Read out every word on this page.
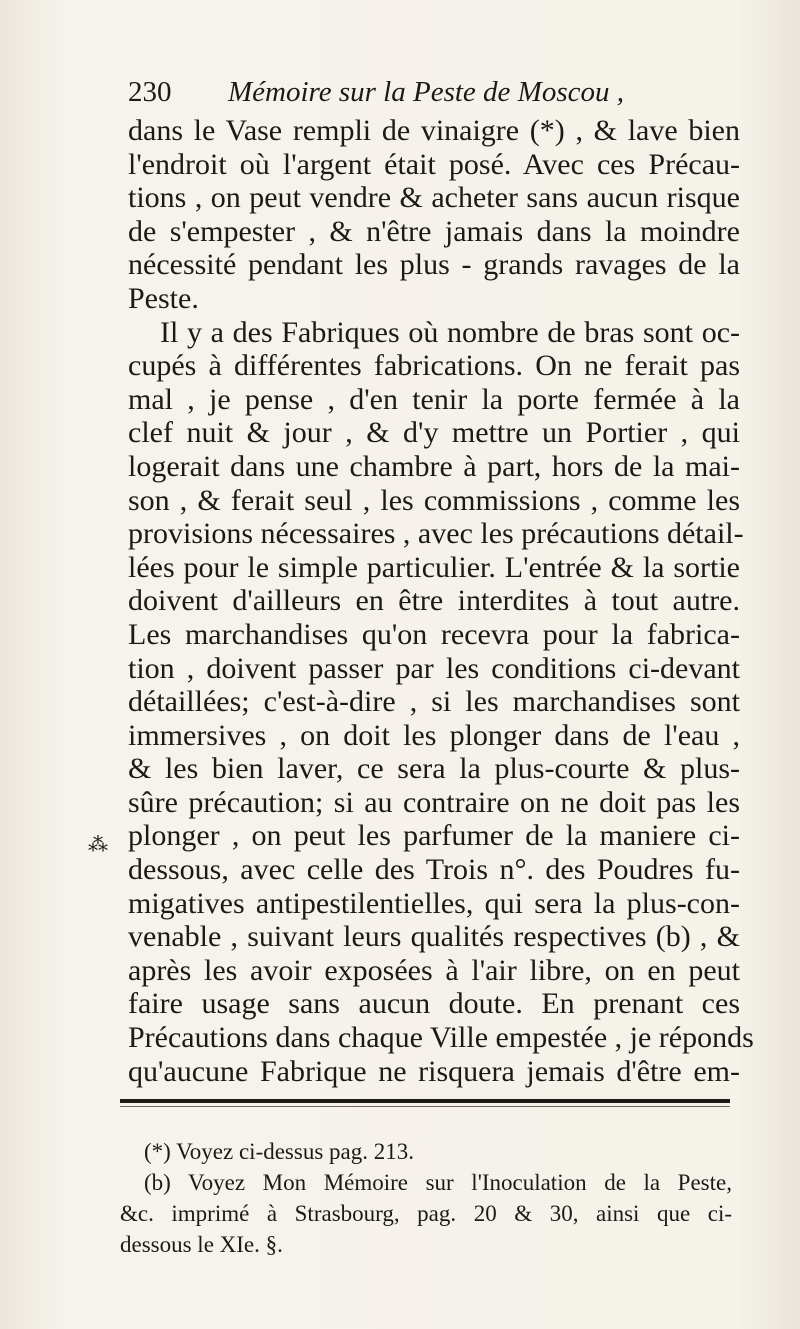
230 Mémoire sur la Peste de Moscou ,
dans le Vase rempli de vinaigre (*) , & lave bien
l'endroit où l'argent était posé. Avec ces Précau-
tions , on peut vendre & acheter sans aucun risque
de s'empester , & n'être jamais dans la moindre
nécessité pendant les plus - grands ravages de la
Peste.
Il y a des Fabriques où nombre de bras sont oc-
cupés à différentes fabrications. On ne ferait pas
mal , je pense , d'en tenir la porte fermée à la
clef nuit & jour , & d'y mettre un Portier , qui
logerait dans une chambre à part, hors de la mai-
son , & ferait seul , les commissions , comme les
provisions nécessaires , avec les précautions détail-
lées pour le simple particulier. L'entrée & la sortie
doivent d'ailleurs en être interdites à tout autre.
Les marchandises qu'on recevra pour la fabrica-
tion , doivent passer par les conditions ci-devant
détaillées; c'est-à-dire , si les marchandises sont
immersives , on doit les plonger dans de l'eau ,
& les bien laver, ce sera la plus-courte & plus-
sûre précaution; si au contraire on ne doit pas les
plonger , on peut les parfumer de la maniere ci-
dessous, avec celle des Trois n°. des Poudres fu-
migatives antipestilentielles, qui sera la plus-con-
venable , suivant leurs qualités respectives (b) , &
après les avoir exposées à l'air libre, on en peut
faire usage sans aucun doute. En prenant ces
Précautions dans chaque Ville empestée , je réponds
qu'aucune Fabrique ne risquera jemais d'être em-
⁂
(*) Voyez ci-dessus pag. 213.
(b) Voyez Mon Mémoire sur l'Inoculation de la Peste,
&c. imprimé à Strasbourg, pag. 20 & 30, ainsi que ci-
dessous le XIe. §.
